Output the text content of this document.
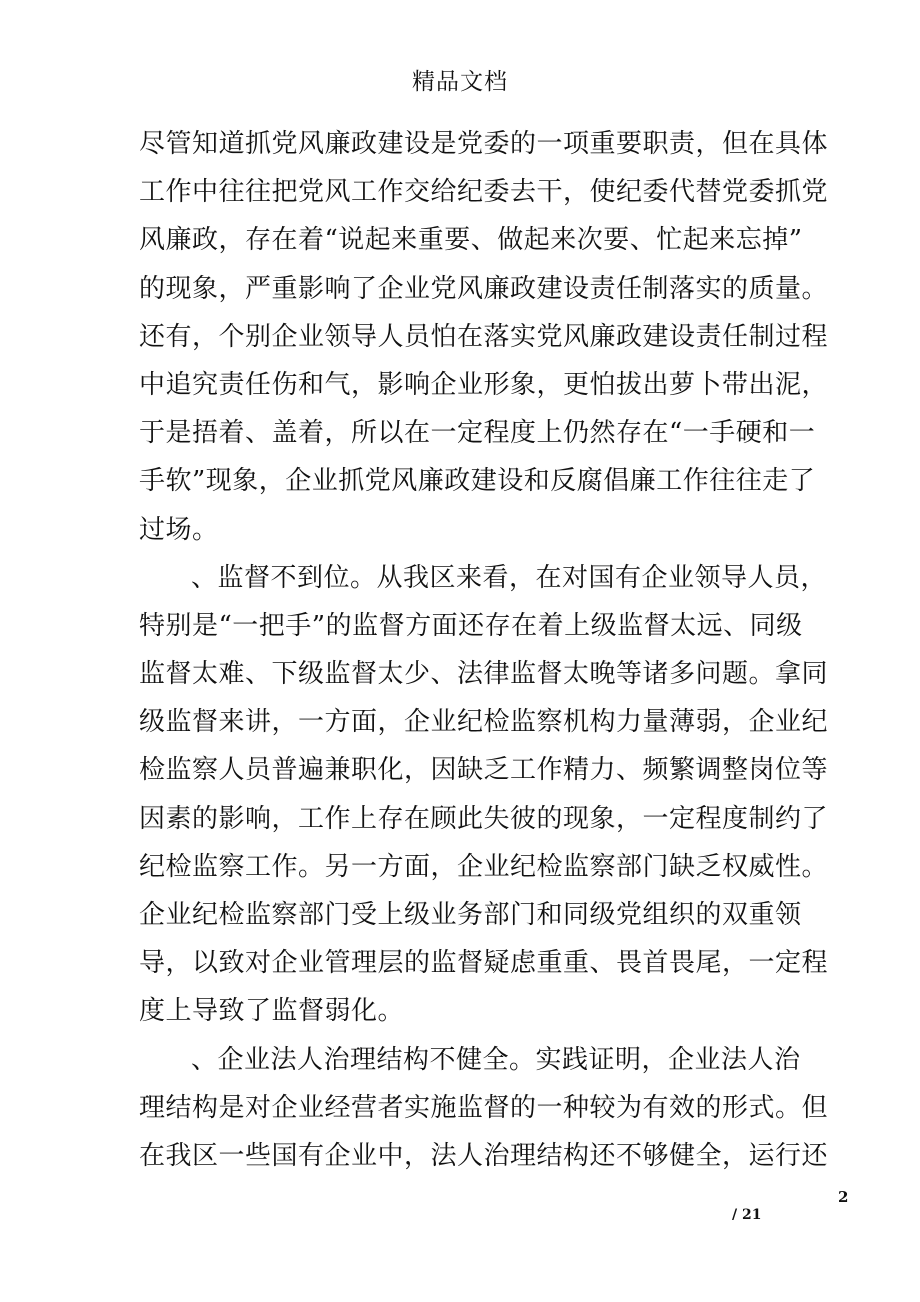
精品文档
尽管知道抓党风廉政建设是党委的一项重要职责，但在具体
工作中往往把党风工作交给纪委去干，使纪委代替党委抓党
风廉政，存在着“说起来重要、做起来次要、忙起来忘掉”
的现象，严重影响了企业党风廉政建设责任制落实的质量。
还有，个别企业领导人员怕在落实党风廉政建设责任制过程
中追究责任伤和气，影响企业形象，更怕拔出萝卜带出泥，
于是捂着、盖着，所以在一定程度上仍然存在“一手硬和一
手软”现象，企业抓党风廉政建设和反腐倡廉工作往往走了
过场。
、监督不到位。从我区来看，在对国有企业领导人员，
特别是“一把手”的监督方面还存在着上级监督太远、同级
监督太难、下级监督太少、法律监督太晚等诸多问题。拿同
级监督来讲，一方面，企业纪检监察机构力量薄弱，企业纪
检监察人员普遍兼职化，因缺乏工作精力、频繁调整岗位等
因素的影响，工作上存在顾此失彼的现象，一定程度制约了
纪检监察工作。另一方面，企业纪检监察部门缺乏权威性。
企业纪检监察部门受上级业务部门和同级党组织的双重领
导，以致对企业管理层的监督疑虑重重、畏首畏尾，一定程
度上导致了监督弱化。
、企业法人治理结构不健全。实践证明，企业法人治
理结构是对企业经营者实施监督的一种较为有效的形式。但
在我区一些国有企业中，法人治理结构还不够健全，运行还
2
/ 21
